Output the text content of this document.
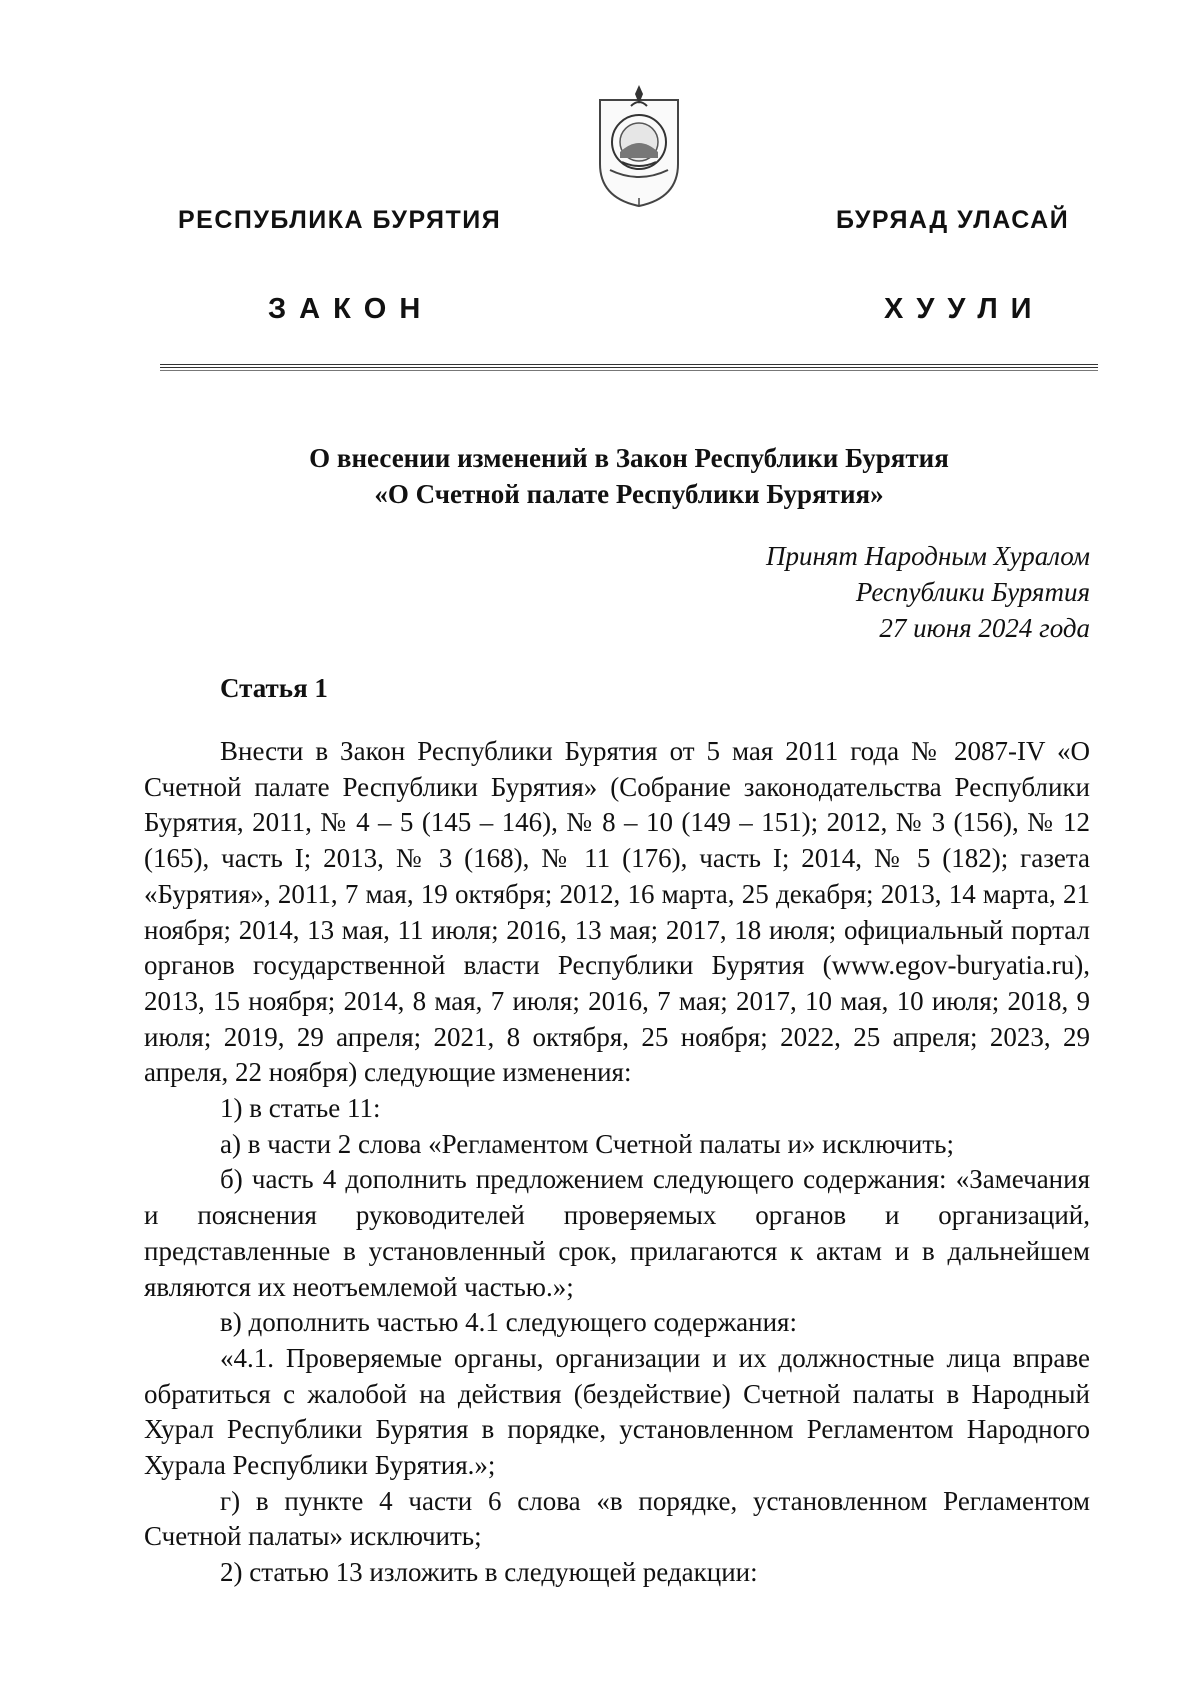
РЕСПУБЛИКА БУРЯТИЯ	БУРЯАД УЛАСАЙ
ЗАКОН	ХУУЛИ
О внесении изменений в Закон Республики Бурятия
«О Счетной палате Республики Бурятия»
Принят Народным Хуралом
Республики Бурятия
27 июня 2024 года
Статья 1

Внести в Закон Республики Бурятия от 5 мая 2011 года № 2087-IV «О Счетной палате Республики Бурятия» (Собрание законодательства Республики Бурятия, 2011, № 4 – 5 (145 – 146), № 8 – 10 (149 – 151); 2012, № 3 (156), № 12 (165), часть I; 2013, № 3 (168), № 11 (176), часть I; 2014, № 5 (182); газета «Бурятия», 2011, 7 мая, 19 октября; 2012, 16 марта, 25 декабря; 2013, 14 марта, 21 ноября; 2014, 13 мая, 11 июля; 2016, 13 мая; 2017, 18 июля; официальный портал органов государственной власти Республики Бурятия (www.egov-buryatia.ru), 2013, 15 ноября; 2014, 8 мая, 7 июля; 2016, 7 мая; 2017, 10 мая, 10 июля; 2018, 9 июля; 2019, 29 апреля; 2021, 8 октября, 25 ноября; 2022, 25 апреля; 2023, 29 апреля, 22 ноября) следующие изменения:

1) в статье 11:

а) в части 2 слова «Регламентом Счетной палаты и» исключить;

б) часть 4 дополнить предложением следующего содержания: «Замечания и пояснения руководителей проверяемых органов и организаций, представленные в установленный срок, прилагаются к актам и в дальнейшем являются их неотъемлемой частью.»;

в) дополнить частью 4.1 следующего содержания:

«4.1. Проверяемые органы, организации и их должностные лица вправе обратиться с жалобой на действия (бездействие) Счетной палаты в Народный Хурал Республики Бурятия в порядке, установленном Регламентом Народного Хурала Республики Бурятия.»;

г) в пункте 4 части 6 слова «в порядке, установленном Регламентом Счетной палаты» исключить;

2) статью 13 изложить в следующей редакции:
